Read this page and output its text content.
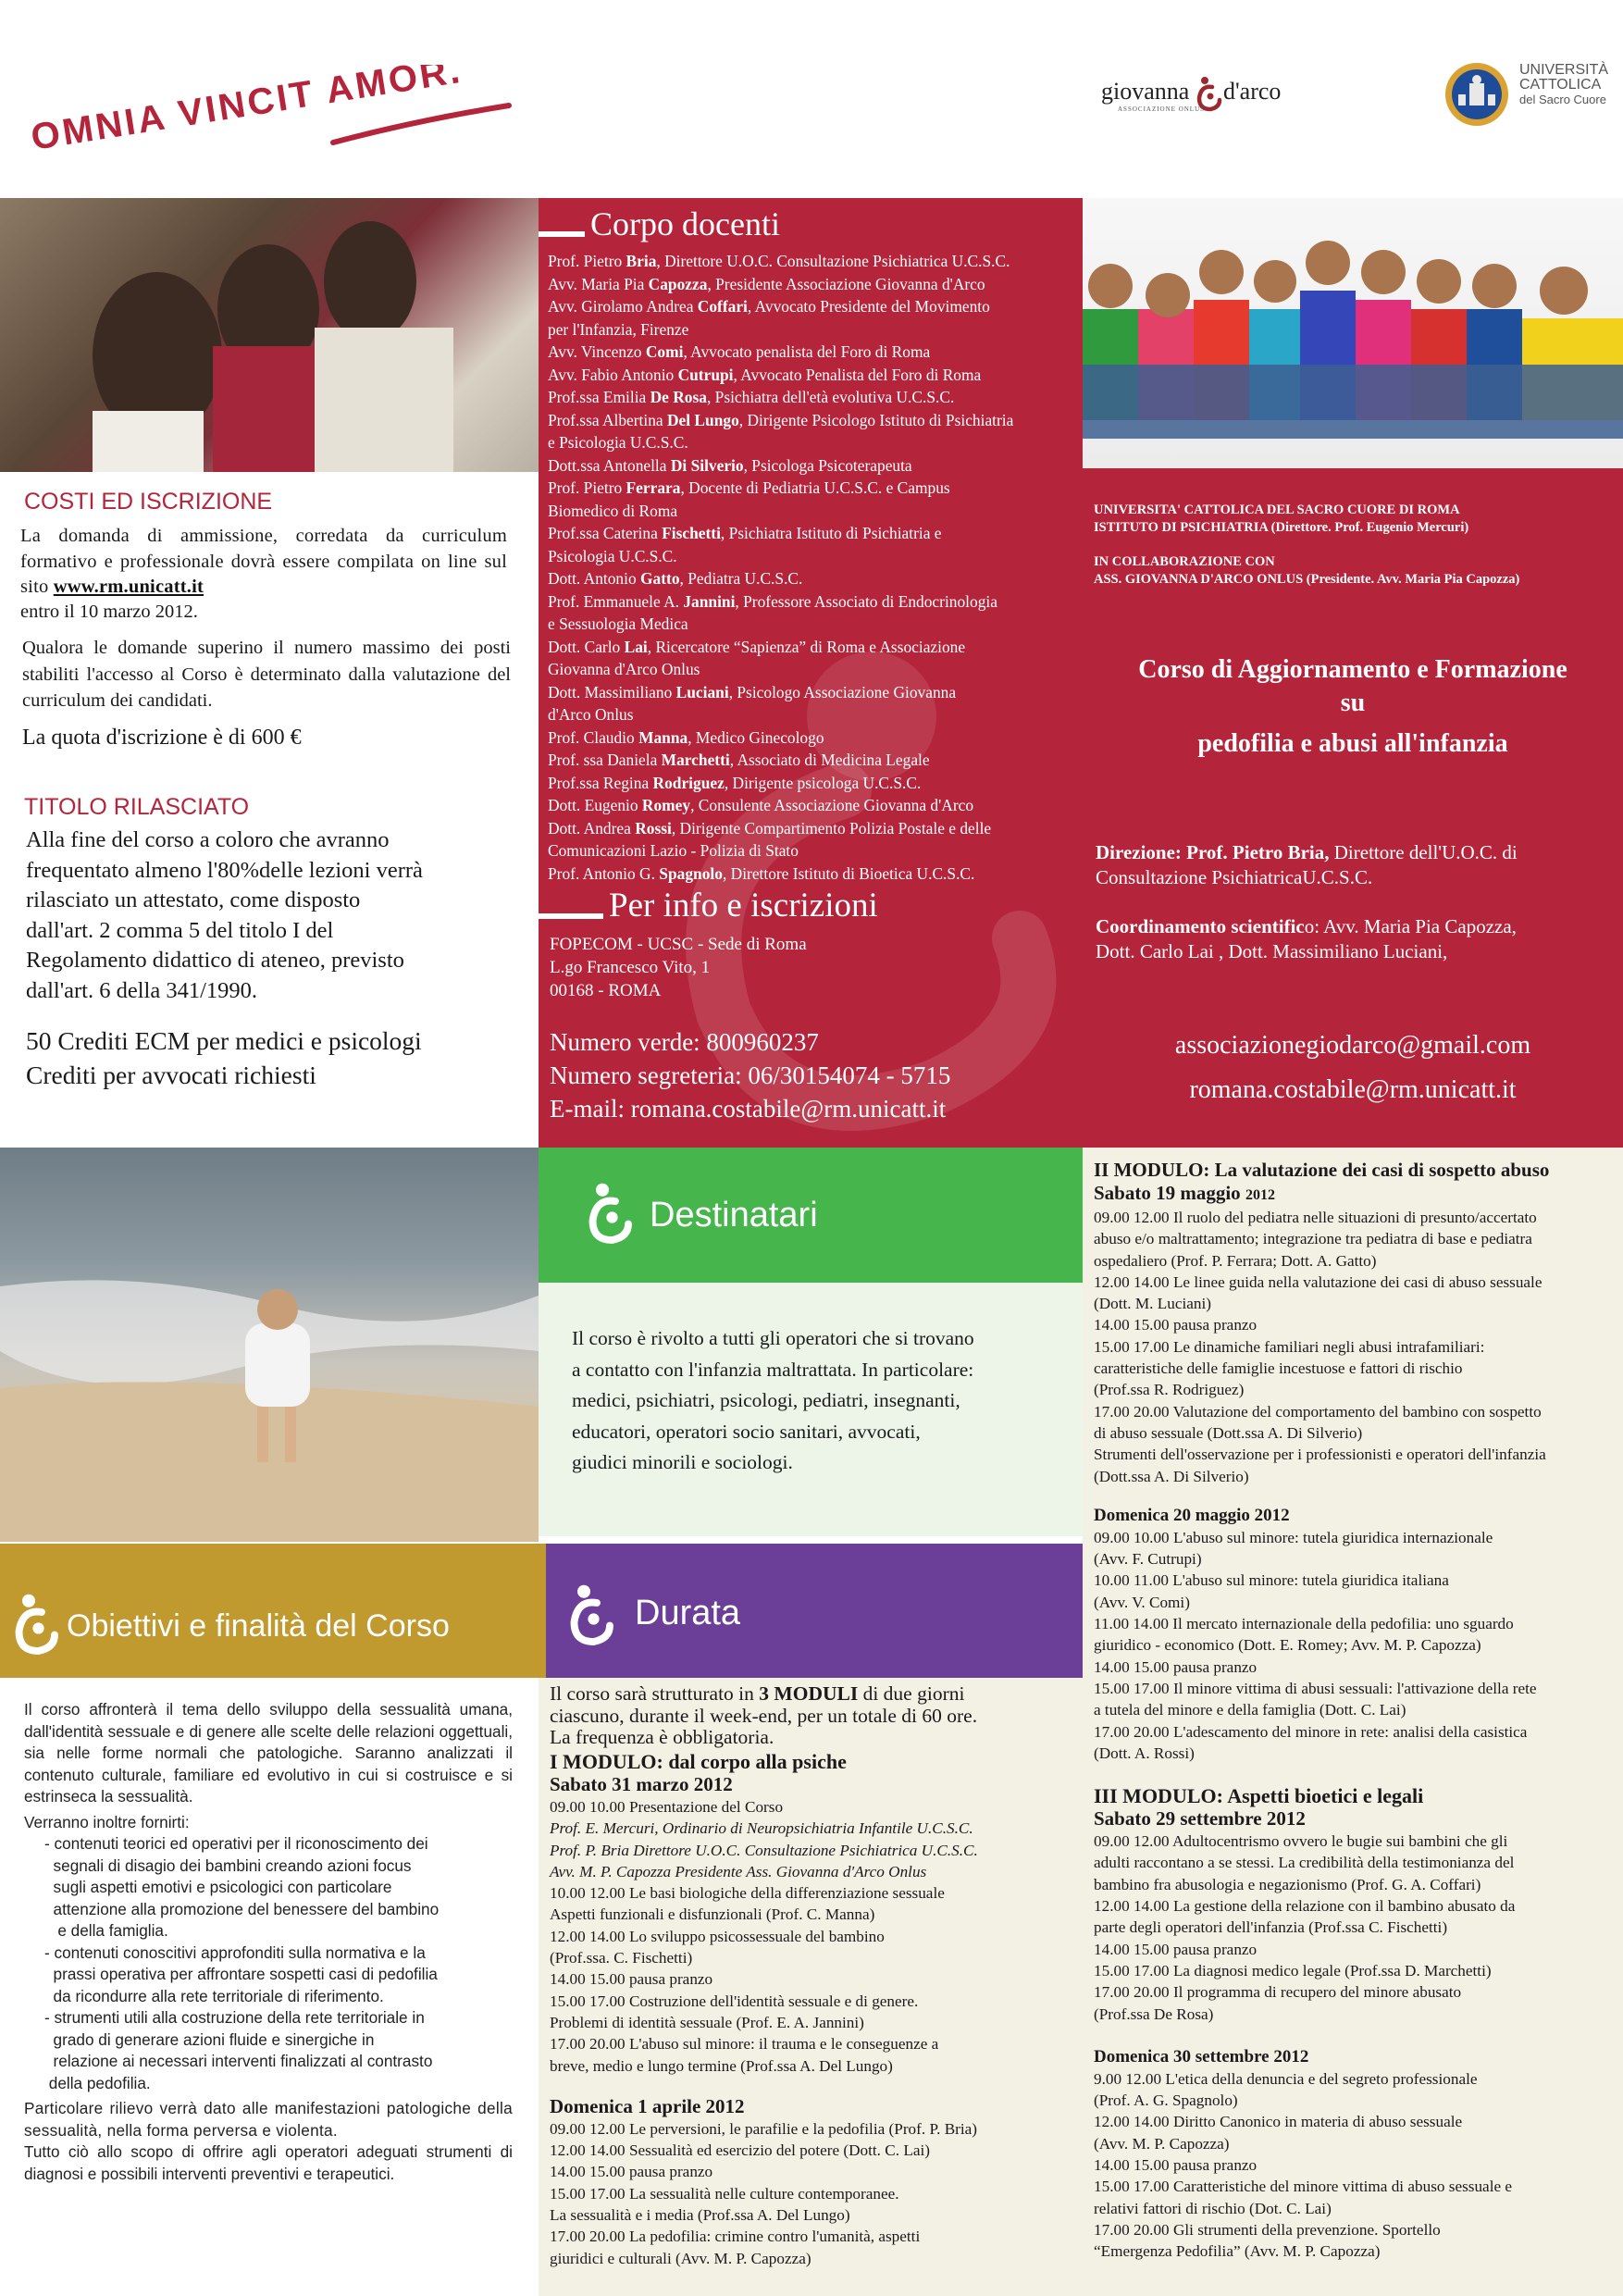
OMNIA VINCIT AMOR.	giovanna d'arco
ASSOCIAZIONE ONLUS
UNIVERSITÀ
CATTOLICA
del Sacro Cuore
COSTI ED ISCRIZIONE
La domanda di ammissione, corredata da curriculum formativo e professionale dovrà essere compilata on line sul sito www.rm.unicatt.it
entro il 10 marzo 2012.
Qualora le domande superino il numero massimo dei posti stabiliti l'accesso al Corso è determinato dalla valutazione del curriculum dei candidati.
La quota d'iscrizione è di 600 €
TITOLO RILASCIATO
Alla fine del corso a coloro che avranno
frequentato almeno l'80%delle lezioni verrà
rilasciato un attestato, come disposto
dall'art. 2 comma 5 del titolo I del
Regolamento didattico di ateneo, previsto
dall'art. 6 della 341/1990.
50 Crediti ECM per medici e psicologi
Crediti per avvocati richiesti
Corpo docenti
Prof. Pietro Bria, Direttore U.O.C. Consultazione Psichiatrica U.C.S.C.
Avv. Maria Pia Capozza, Presidente Associazione Giovanna d'Arco
Avv. Girolamo Andrea Coffari, Avvocato Presidente del Movimento
per l'Infanzia, Firenze
Avv. Vincenzo Comi, Avvocato penalista del Foro di Roma
Avv. Fabio Antonio Cutrupi, Avvocato Penalista del Foro di Roma
Prof.ssa Emilia De Rosa, Psichiatra dell'età evolutiva U.C.S.C.
Prof.ssa Albertina Del Lungo, Dirigente Psicologo Istituto di Psichiatria
e Psicologia U.C.S.C.
Dott.ssa Antonella Di Silverio, Psicologa Psicoterapeuta
Prof. Pietro Ferrara, Docente di Pediatria U.C.S.C. e Campus
Biomedico di Roma
Prof.ssa Caterina Fischetti, Psichiatra Istituto di Psichiatria e
Psicologia U.C.S.C.
Dott. Antonio Gatto, Pediatra U.C.S.C.
Prof. Emmanuele A. Jannini, Professore Associato di Endocrinologia
e Sessuologia Medica
Dott. Carlo Lai, Ricercatore “Sapienza” di Roma e Associazione
Giovanna d'Arco Onlus
Dott. Massimiliano Luciani, Psicologo Associazione Giovanna
d'Arco Onlus
Prof. Claudio Manna, Medico Ginecologo
Prof. ssa Daniela Marchetti, Associato di Medicina Legale
Prof.ssa Regina Rodriguez, Dirigente psicologa U.C.S.C.
Dott. Eugenio Romey, Consulente Associazione Giovanna d'Arco
Dott. Andrea Rossi, Dirigente Compartimento Polizia Postale e delle
Comunicazioni Lazio - Polizia di Stato
Prof. Antonio G. Spagnolo, Direttore Istituto di Bioetica U.C.S.C.
Per info e iscrizioni
FOPECOM - UCSC - Sede di Roma
L.go Francesco Vito, 1
00168 - ROMA
Numero verde: 800960237
Numero segreteria: 06/30154074 - 5715
E-mail: romana.costabile@rm.unicatt.it
UNIVERSITA' CATTOLICA DEL SACRO CUORE DI ROMA
ISTITUTO DI PSICHIATRIA (Direttore. Prof. Eugenio Mercuri)
IN COLLABORAZIONE CON
ASS. GIOVANNA D'ARCO ONLUS (Presidente. Avv. Maria Pia Capozza)
Corso di Aggiornamento e Formazione
su
pedofilia e abusi all'infanzia
Direzione: Prof. Pietro Bria, Direttore dell'U.O.C. di
Consultazione PsichiatricaU.C.S.C.
Coordinamento scientifico: Avv. Maria Pia Capozza,
Dott. Carlo Lai , Dott. Massimiliano Luciani,
associazionegiodarco@gmail.com
romana.costabile@rm.unicatt.it
Destinatari
Il corso è rivolto a tutti gli operatori che si trovano
a contatto con l'infanzia maltrattata. In particolare:
medici, psichiatri, psicologi, pediatri, insegnanti,
educatori, operatori socio sanitari, avvocati,
giudici minorili e sociologi.
Obiettivi e finalità del Corso
Il corso affronterà il tema dello sviluppo della sessualità umana, dall'identità sessuale e di genere alle scelte delle relazioni oggettuali, sia nelle forme normali che patologiche. Saranno analizzati il contenuto culturale, familiare ed evolutivo in cui si costruisce e si estrinseca la sessualità.
Verranno inoltre fornirti:
- contenuti teorici ed operativi per il riconoscimento dei
segnali di disagio dei bambini creando azioni focus
sugli aspetti emotivi e psicologici con particolare
attenzione alla promozione del benessere del bambino
e della famiglia.
- contenuti conoscitivi approfonditi sulla normativa e la
prassi operativa per affrontare sospetti casi di pedofilia
da ricondurre alla rete territoriale di riferimento.
- strumenti utili alla costruzione della rete territoriale in
grado di generare azioni fluide e sinergiche in
relazione ai necessari interventi finalizzati al contrasto
della pedofilia.
Particolare rilievo verrà dato alle manifestazioni patologiche della sessualità, nella forma perversa e violenta.
Tutto ciò allo scopo di offrire agli operatori adeguati strumenti di diagnosi e possibili interventi preventivi e terapeutici.
Durata
Il corso sarà strutturato in 3 MODULI di due giorni
ciascuno, durante il week-end, per un totale di 60 ore.
La frequenza è obbligatoria.
I MODULO: dal corpo alla psiche
Sabato 31 marzo 2012
09.00 10.00 Presentazione del Corso
Prof. E. Mercuri, Ordinario di Neuropsichiatria Infantile U.C.S.C.
Prof. P. Bria Direttore U.O.C. Consultazione Psichiatrica U.C.S.C.
Avv. M. P. Capozza Presidente Ass. Giovanna d'Arco Onlus
10.00 12.00 Le basi biologiche della differenziazione sessuale
Aspetti funzionali e disfunzionali (Prof. C. Manna)
12.00 14.00 Lo sviluppo psicossessuale del bambino
(Prof.ssa. C. Fischetti)
14.00 15.00 pausa pranzo
15.00 17.00 Costruzione dell'identità sessuale e di genere.
Problemi di identità sessuale (Prof. E. A. Jannini)
17.00 20.00 L'abuso sul minore: il trauma e le conseguenze a
breve, medio e lungo termine (Prof.ssa A. Del Lungo)
Domenica 1 aprile 2012
09.00 12.00 Le perversioni, le parafilie e la pedofilia (Prof. P. Bria)
12.00 14.00 Sessualità ed esercizio del potere (Dott. C. Lai)
14.00 15.00 pausa pranzo
15.00 17.00 La sessualità nelle culture contemporanee.
La sessualità e i media (Prof.ssa A. Del Lungo)
17.00 20.00 La pedofilia: crimine contro l'umanità, aspetti
giuridici e culturali (Avv. M. P. Capozza)
II MODULO: La valutazione dei casi di sospetto abuso
Sabato 19 maggio 2012
09.00 12.00 Il ruolo del pediatra nelle situazioni di presunto/accertato
abuso e/o maltrattamento; integrazione tra pediatra di base e pediatra
ospedaliero (Prof. P. Ferrara; Dott. A. Gatto)
12.00 14.00 Le linee guida nella valutazione dei casi di abuso sessuale
(Dott. M. Luciani)
14.00 15.00 pausa pranzo
15.00 17.00 Le dinamiche familiari negli abusi intrafamiliari:
caratteristiche delle famiglie incestuose e fattori di rischio
(Prof.ssa R. Rodriguez)
17.00 20.00 Valutazione del comportamento del bambino con sospetto
di abuso sessuale (Dott.ssa A. Di Silverio)
Strumenti dell'osservazione per i professionisti e operatori dell'infanzia
(Dott.ssa A. Di Silverio)
Domenica 20 maggio 2012
09.00 10.00 L'abuso sul minore: tutela giuridica internazionale
(Avv. F. Cutrupi)
10.00 11.00 L'abuso sul minore: tutela giuridica italiana
(Avv. V. Comi)
11.00 14.00 Il mercato internazionale della pedofilia: uno sguardo
giuridico - economico (Dott. E. Romey; Avv. M. P. Capozza)
14.00 15.00 pausa pranzo
15.00 17.00 Il minore vittima di abusi sessuali: l'attivazione della rete
a tutela del minore e della famiglia (Dott. C. Lai)
17.00 20.00 L'adescamento del minore in rete: analisi della casistica
(Dott. A. Rossi)
III MODULO: Aspetti bioetici e legali
Sabato 29 settembre 2012
09.00 12.00 Adultocentrismo ovvero le bugie sui bambini che gli
adulti raccontano a se stessi. La credibilità della testimonianza del
bambino fra abusologia e negazionismo (Prof. G. A. Coffari)
12.00 14.00 La gestione della relazione con il bambino abusato da
parte degli operatori dell'infanzia (Prof.ssa C. Fischetti)
14.00 15.00 pausa pranzo
15.00 17.00 La diagnosi medico legale (Prof.ssa D. Marchetti)
17.00 20.00 Il programma di recupero del minore abusato
(Prof.ssa De Rosa)
Domenica 30 settembre 2012
9.00 12.00 L'etica della denuncia e del segreto professionale
(Prof. A. G. Spagnolo)
12.00 14.00 Diritto Canonico in materia di abuso sessuale
(Avv. M. P. Capozza)
14.00 15.00 pausa pranzo
15.00 17.00 Caratteristiche del minore vittima di abuso sessuale e
relativi fattori di rischio (Dot. C. Lai)
17.00 20.00 Gli strumenti della prevenzione. Sportello
“Emergenza Pedofilia” (Avv. M. P. Capozza)
